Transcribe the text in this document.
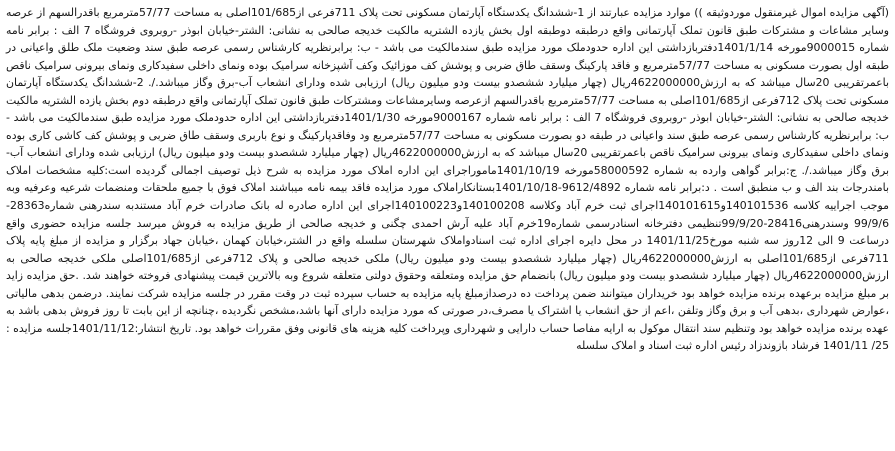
(آگهی مزایده اموال غیرمنقول موردوثیقه )) موارد مزایده عبارتند از 1-ششدانگ یکدستگاه آپارتمان مسکونی تحت پلاک 711فرعی از101/685اصلی به مساحت 57/77مترمربع باقدرالسهم از عرصه وسایر مشاعات و مشترکات طبق قانون تملک آپارتمانی واقع درطبقه دوطبقه اول بخش یازده الشتریه مالکیت خدیجه صالحی به نشانی: الشتر-خیابان ابوذر -روبروی فروشگاه 7 الف : برابر نامه شماره 9000015مورخه 1401/1/14دفتربازداشتی این اداره حدودملک مورد مزایده طبق سندمالکیت می باشد - ب: برابرنظریه کارشناس رسمی عرصه طبق سند وضعیت ملک طلق واعیانی در طبقه اول بصورت مسکونی به مساحت 57/77مترمربع و فاقد پارکینگ وسقف طاق ضربی و پوشش کف موزائیک وکف آشپزخانه سرامیک بوده ونمای داخلی سفیدکاری ونمای بیرونی سرامیک ناقص باعمرتقریبی 20سال میباشد که به ارزش4622000000ریال (چهار میلیارد ششصدو بیست ودو میلیون ریال) ارزیابی شده ودارای انشعاب آب-برق وگاز میباشد./. 2-ششدانگ یکدستگاه آپارتمان مسکونی تحت پلاک 712فرعی از101/685اصلی به مساحت 57/77مترمربع باقدرالسهم ازعرصه وسایرمشاعات ومشترکات طبق قانون تملک آپارتمانی واقع درطبقه دوم بخش یازده الشتریه مالکیت خدیجه صالحی به نشانی: الشتر-خیابان ابوذر -روبروی فروشگاه 7 الف : برابر نامه شماره 9000167مورخه 1401/1/30دفتربازداشتی این اداره حدودملک مورد مزایده طبق سندمالکیت می باشد - ب: برابرنظریه کارشناس رسمی عرصه طبق سند واعیانی در طبقه دو بصورت مسکونی به مساحت 57/77مترمربع ود وفاقدپارکینگ و نوع باربری وسقف طاق ضربی و پوشش کف کاشی کاری بوده ونمای داخلی سفیدکاری ونمای بیرونی سرامیک ناقص باعمرتقریبی 20سال میباشد که به ارزش4622000000ریال (چهار میلیارد ششصدو بیست ودو میلیون ریال) ارزیابی شده ودارای انشعاب آب-برق وگاز میباشد./. ج:برابر گواهی وارده به شماره 58000592مورخه 1401/10/19ماموراجرای این اداره املاک مورد مزایده به شرح ذیل توصیف اجمالی گردیده است:کلیه مشخصات املاک بامندرجات بند الف و ب منطبق است . د:برابر نامه شماره 9612/4892-1401/10/18بستانکاراملاک مورد مزایده فاقد بیمه نامه میباشند املاک فوق با جمیع ملحقات ومنضمات شرعیه وعرفیه وبه موجب اجراییه کلاسه 140101536و140101615اجرای ثبت خرم آباد وکلاسه 140100208و140100223اجرای این اداره صادره له بانک صادرات خرم آباد مستندبه سندرهنی شماره28363-99/9/6 وسندرهنی28416-99/9/20تنظیمی دفترخانه اسنادرسمی شماره19خرم آباد علیه آرش احمدی چگنی و خدیجه صالحی از طریق مزایده به فروش میرسد جلسه مزایده حضوری واقع درساعت 9 الی 12روز سه شنبه مورخ1401/11/25 در محل دایره اجرای اداره ثبت اسنادواملاک شهرستان سلسله واقع در الشتر،خیابان کهمان ،خیابان جهاد برگزار و مزایده از مبلغ پایه پلاک 711فرعی از101/685اصلی به ارزش4622000000ریال (چهار میلیارد ششصدو بیست ودو میلیون ریال) ملکی خدیجه صالحی و پلاک 712فرعی از101/685اصلی ملکی خدیجه صالحی به ارزش4622000000ریال (چهار میلیارد ششصدو بیست ودو میلیون ریال) بانضمام حق مزایده ومتعلقه وحقوق دولتی متعلقه شروع وبه بالاترین قیمت پیشنهادی فروخته خواهند شد. .حق مزایده زاید بر مبلغ مزایده برعهده برنده مزایده خواهد بود خریداران میتوانند ضمن پرداخت ده درصدازمبلغ پایه مزایده به حساب سپرده ثبت در وقت مقرر در جلسه مزایده شرکت نمایند. درضمن بدهی مالیاتی ،عوارض شهرداری ،بدهی آب و برق وگاز وتلفن ،اعم از حق انشعاب یا اشتراک یا مصرف،در صورتی که مورد مزایده دارای آنها باشد،مشخص نگردیده ،چنانچه از این بابت تا روز فروش بدهی باشد به عهده برنده مزایده خواهد بود وتنظیم سند انتقال موکول به ارایه مفاصا حساب دارایی و شهرداری وپرداخت کلیه هزینه های قانونی وفق مقررات خواهد بود. تاریخ انتشار:1401/11/12جلسه مزایده : 25/ 1401/11 فرشاد بازوندزاد رئیس اداره ثبت اسناد و املاک سلسله
